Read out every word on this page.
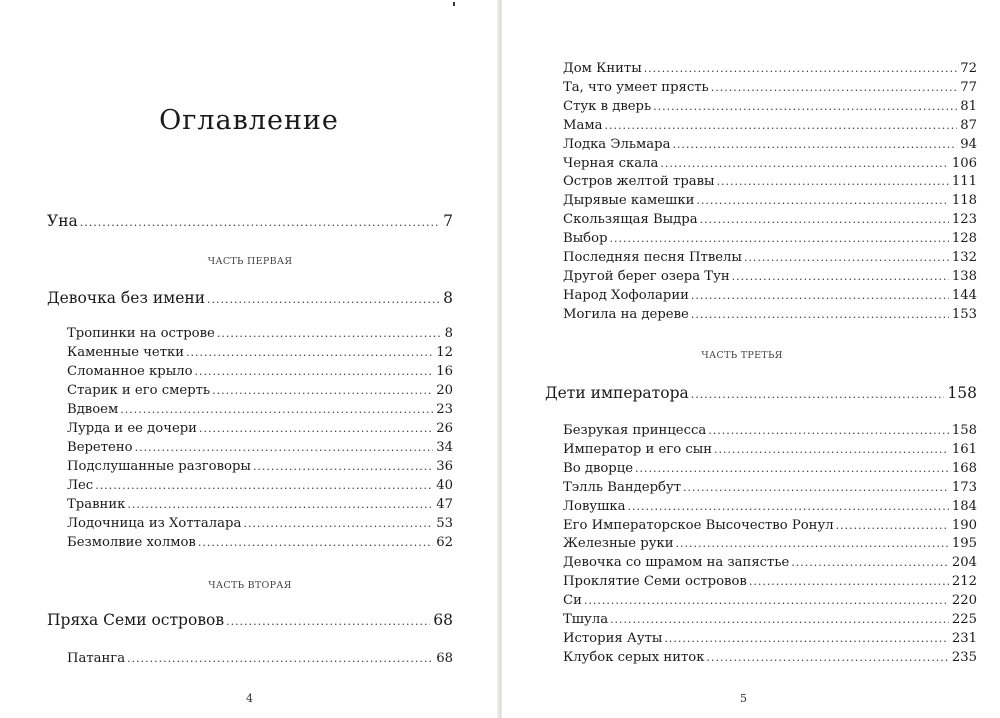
Оглавление
Уна .....	7
ЧАСТЬ ПЕРВАЯ
Девочка без имени .....	8
Тропинки на острове .....	8
Каменные четки .....	12
Сломанное крыло .....	16
Старик и его смерть .....	20
Вдвоем .....	23
Лурда и ее дочери .....	26
Веретено .....	34
Подслушанные разговоры .....	36
Лес .....	40
Травник .....	47
Лодочница из Хотталара .....	53
Безмолвие холмов .....	62
ЧАСТЬ ВТОРАЯ
Пряха Семи островов .....	68
Патанга .....	68
4
Дом Книты .....	72
Та, что умеет прясть .....	77
Стук в дверь .....	81
Мама .....	87
Лодка Эльмара .....	94
Черная скала .....	106
Остров желтой травы .....	111
Дырявые камешки .....	118
Скользящая Выдра .....	123
Выбор .....	128
Последняя песня Птвелы .....	132
Другой берег озера Тун .....	138
Народ Хофоларии .....	144
Могила на дереве .....	153
ЧАСТЬ ТРЕТЬЯ
Дети императора .....	158
Безрукая принцесса .....	158
Император и его сын .....	161
Во дворце .....	168
Тэлль Вандербут .....	173
Ловушка .....	184
Его Императорское Высочество Ронул .....	190
Железные руки .....	195
Девочка со шрамом на запястье .....	204
Проклятие Семи островов .....	212
Си .....	220
Тшула .....	225
История Ауты .....	231
Клубок серых ниток .....	235
5
